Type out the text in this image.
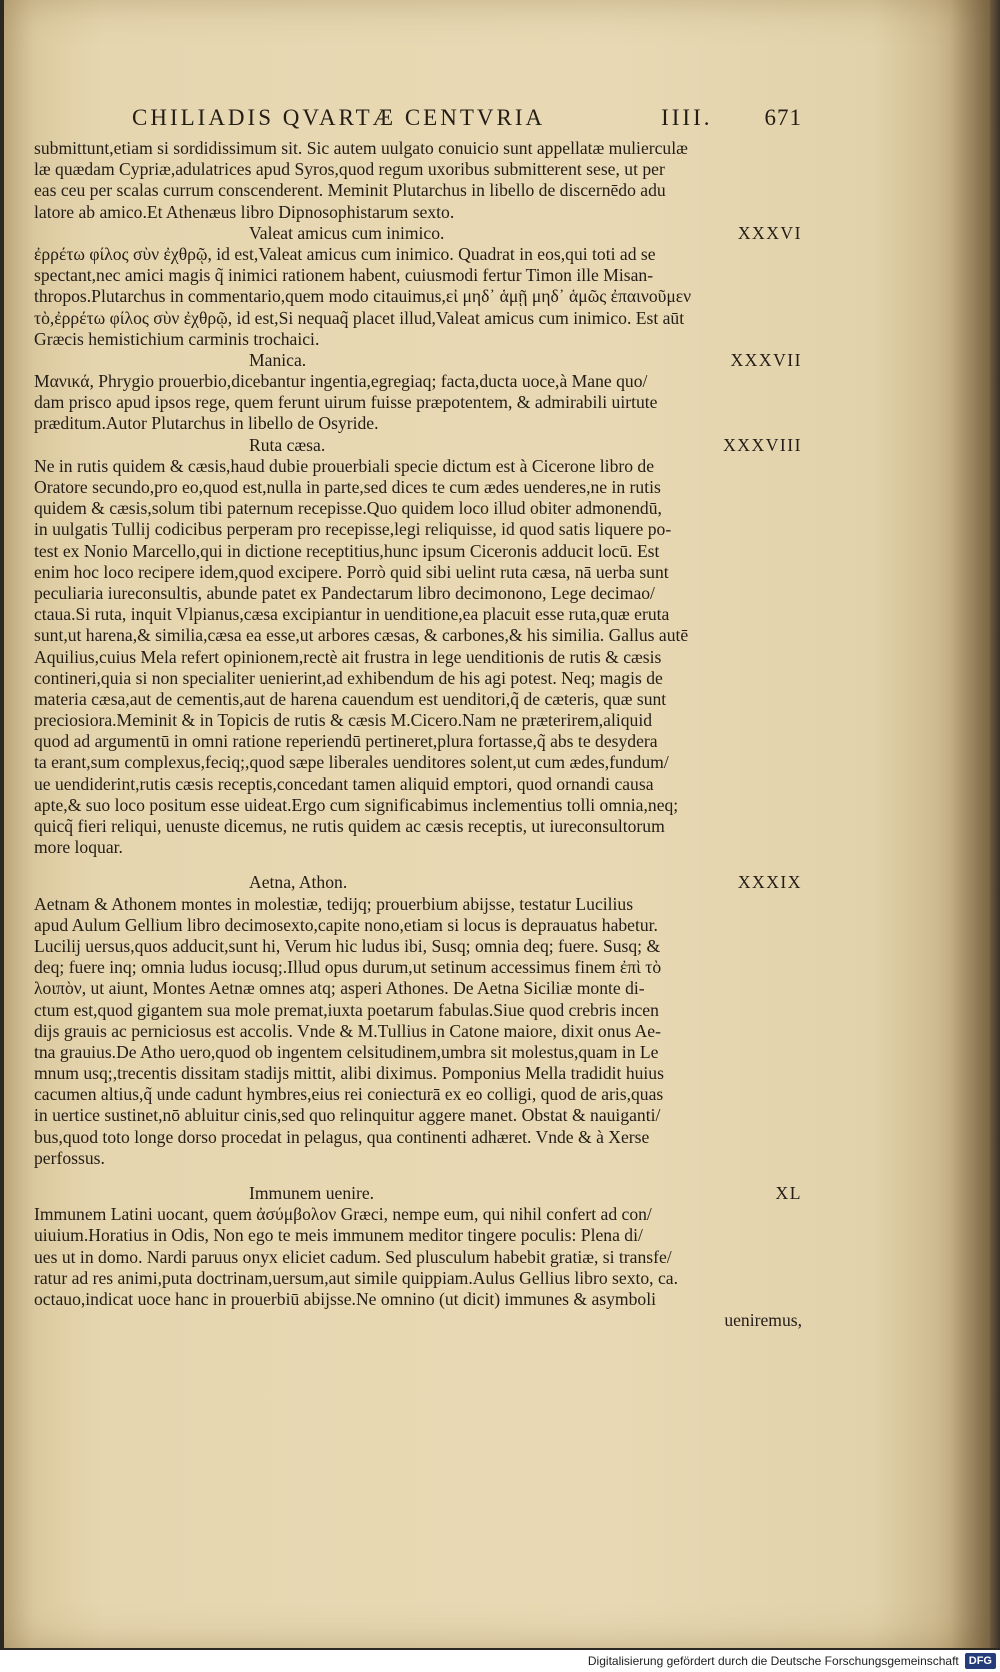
CHILIADIS QVARTÆ CENTVRIA	IIII. 671
submittunt,etiam si sordidissimum sit. Sic autem uulgato conuicio sunt appellatæ mulierculæ
læ quædam Cypriæ,adulatrices apud Syros,quod regum uxoribus submitterent sese, ut per
eas ceu per scalas currum conscenderent. Meminit Plutarchus in libello de discernēdo adu
latore ab amico.Et Athenæus libro Dipnosophistarum sexto.
Valeat amicus cum inimico.	XXXVI
ἐρρέτω φίλος σὺν ἐχθρῷ, id est,Valeat amicus cum inimico. Quadrat in eos,qui toti ad se
spectant,nec amici magis q̃ inimici rationem habent, cuiusmodi fertur Timon ille Misan-
thropos.Plutarchus in commentario,quem modo citauimus,εἰ μηδ᾽ ἁμῇ μηδ᾽ ἁμῶς ἐπαινοῦμεν
τὸ,ἐρρέτω φίλος σὺν ἐχθρῷ, id est,Si nequaq̃ placet illud,Valeat amicus cum inimico. Est aūt
Græcis hemistichium carminis trochaici.
Manica.	XXXVII
Μανικά, Phrygio prouerbio,dicebantur ingentia,egregiaq; facta,ducta uoce,à Mane quo/
dam prisco apud ipsos rege, quem ferunt uirum fuisse præpotentem, & admirabili uirtute
præditum.Autor Plutarchus in libello de Osyride.
Ruta cæsa.	XXXVIII
Ne in rutis quidem & cæsis,haud dubie prouerbiali specie dictum est à Cicerone libro de
Oratore secundo,pro eo,quod est,nulla in parte,sed dices te cum ædes uenderes,ne in rutis
quidem & cæsis,solum tibi paternum recepisse.Quo quidem loco illud obiter admonendū,
in uulgatis Tullij codicibus perperam pro recepisse,legi reliquisse, id quod satis liquere po-
test ex Nonio Marcello,qui in dictione receptitius,hunc ipsum Ciceronis adducit locū. Est
enim hoc loco recipere idem,quod excipere. Porrò quid sibi uelint ruta cæsa, nā uerba sunt
peculiaria iureconsultis, abunde patet ex Pandectarum libro decimonono, Lege decimao/
ctaua.Si ruta, inquit Vlpianus,cæsa excipiantur in uenditione,ea placuit esse ruta,quæ eruta
sunt,ut harena,& similia,cæsa ea esse,ut arbores cæsas, & carbones,& his similia. Gallus autē
Aquilius,cuius Mela refert opinionem,rectè ait frustra in lege uenditionis de rutis & cæsis
contineri,quia si non specialiter uenierint,ad exhibendum de his agi potest. Neq; magis de
materia cæsa,aut de cementis,aut de harena cauendum est uenditori,q̃ de cæteris, quæ sunt
preciosiora.Meminit & in Topicis de rutis & cæsis M.Cicero.Nam ne præterirem,aliquid
quod ad argumentū in omni ratione reperiendū pertineret,plura fortasse,q̃ abs te desydera
ta erant,sum complexus,feciq;,quod sæpe liberales uenditores solent,ut cum ædes,fundum/
ue uendiderint,rutis cæsis receptis,concedant tamen aliquid emptori, quod ornandi causa
apte,& suo loco positum esse uideat.Ergo cum significabimus inclementius tolli omnia,neq;
quicq̃ fieri reliqui, uenuste dicemus, ne rutis quidem ac cæsis receptis, ut iureconsultorum
more loquar.
Aetna, Athon.	XXXIX
Aetnam & Athonem montes in molestiæ, tedijq; prouerbium abijsse, testatur Lucilius
apud Aulum Gellium libro decimosexto,capite nono,etiam si locus is deprauatus habetur.
Lucilij uersus,quos adducit,sunt hi, Verum hic ludus ibi, Susq; omnia deq; fuere. Susq; &
deq; fuere inq; omnia ludus iocusq;.Illud opus durum,ut setinum accessimus finem ἐπὶ τὸ
λοιπὸν, ut aiunt, Montes Aetnæ omnes atq; asperi Athones. De Aetna Siciliæ monte di-
ctum est,quod gigantem sua mole premat,iuxta poetarum fabulas.Siue quod crebris incen
dijs grauis ac perniciosus est accolis. Vnde & M.Tullius in Catone maiore, dixit onus Ae-
tna grauius.De Atho uero,quod ob ingentem celsitudinem,umbra sit molestus,quam in Le
mnum usq;,trecentis dissitam stadijs mittit, alibi diximus. Pomponius Mella tradidit huius
cacumen altius,q̃ unde cadunt hymbres,eius rei coniecturā ex eo colligi, quod de aris,quas
in uertice sustinet,nō abluitur cinis,sed quo relinquitur aggere manet. Obstat & nauiganti/
bus,quod toto longe dorso procedat in pelagus, qua continenti adhæret. Vnde & à Xerse
perfossus.
Immunem uenire.	XL
Immunem Latini uocant, quem ἀσύμβολον Græci, nempe eum, qui nihil confert ad con/
uiuium.Horatius in Odis, Non ego te meis immunem meditor tingere poculis: Plena di/
ues ut in domo. Nardi paruus onyx eliciet cadum. Sed plusculum habebit gratiæ, si transfe/
ratur ad res animi,puta doctrinam,uersum,aut simile quippiam.Aulus Gellius libro sexto, ca.
octauo,indicat uoce hanc in prouerbiū abijsse.Ne omnino (ut dicit) immunes & asymboli
ueniremus,
Digitalisierung gefördert durch die Deutsche Forschungsgemeinschaft DFG
